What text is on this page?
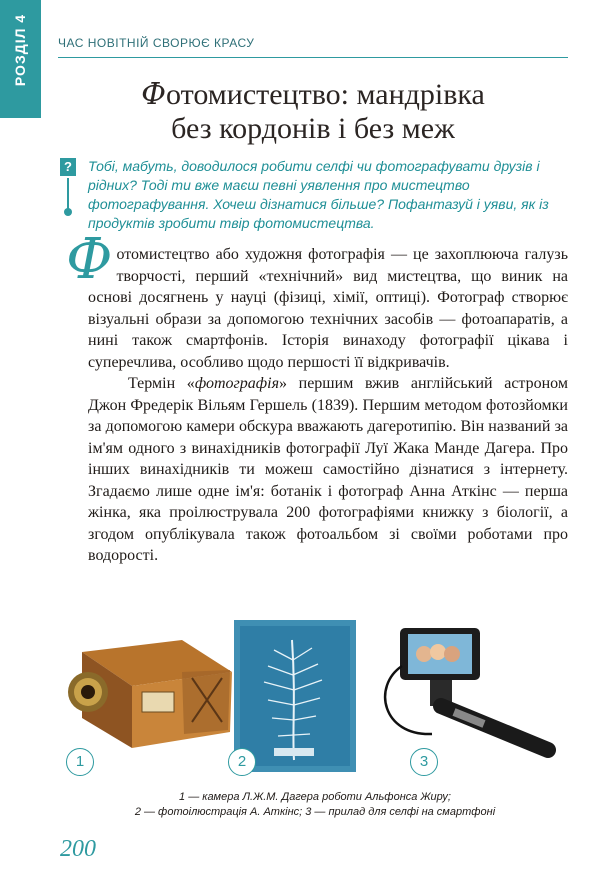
РОЗДІЛ 4	ЧАС НОВІТНІЙ СВОРЮЄ КРАСУ
Фотомистецтво: мандрівка
без кордонів і без меж
? Тобі, мабуть, доводилося робити селфі чи фотографувати друзів і рідних? Тоді ти вже маєш певні уявлення про мистецтво фотографування. Хочеш дізнатися більше? Пофантазуй і уяви, як із продуктів зробити твір фотомистецтва.

Фотомистецтво або художня фотографія — це захоплююча галузь творчості, перший «технічний» вид мистецтва, що виник на основі досягнень у науці (фізиці, хімії, оптиці). Фотограф створює візуальні образи за допомогою технічних засобів — фотоапаратів, а нині також смартфонів. Історія винаходу фотографії цікава і суперечлива, особливо щодо першості її відкривачів.

Термін «фотографія» першим вжив англійський астроном Джон Фредерік Вільям Гершель (1839). Першим методом фотозйомки за допомогою камери обскура вважають дагеротипію. Він названий за ім'ям одного з винахідників фотографії Луї Жака Манде Дагера. Про інших винахідників ти можеш самостійно дізнатися з інтернету. Згадаємо лише одне ім'я: ботанік і фотограф Анна Аткінс — перша жінка, яка проілюструвала 200 фотографіями книжку з біології, а згодом опублікувала також фотоальбом зі своїми роботами про водорості.

1	2	3
1 — камера Л.Ж.М. Дагера роботи Альфонса Жиру;
2 — фотоілюстрація А. Аткінс; 3 — прилад для селфі на смартфоні
200
